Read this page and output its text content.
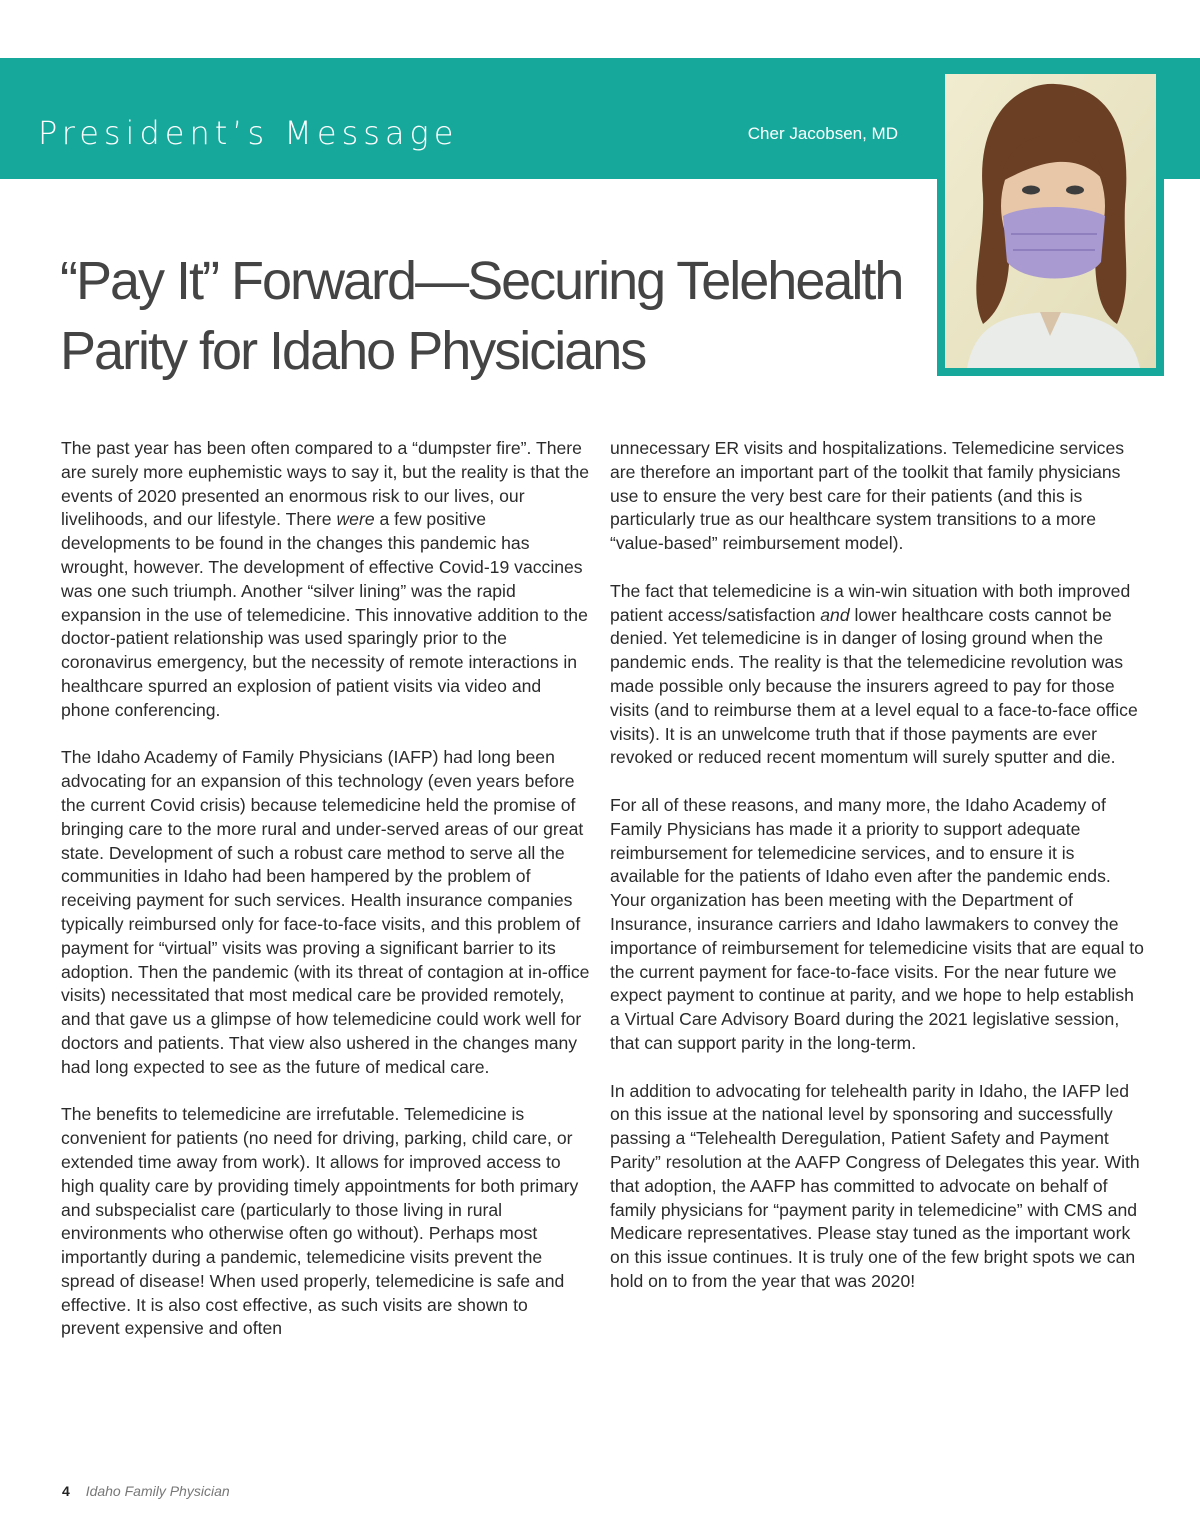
President’s Message	Cher Jacobsen, MD
“Pay It” Forward—Securing Telehealth
Parity for Idaho Physicians

The past year has been often compared to a “dumpster fire”. There are surely more euphemistic ways to say it, but the reality is that the events of 2020 presented an enormous risk to our lives, our livelihoods, and our lifestyle. There were a few positive developments to be found in the changes this pandemic has wrought, however. The development of effective Covid-19 vaccines was one such triumph. Another “silver lining” was the rapid expansion in the use of telemedicine. This innovative addition to the doctor-patient relationship was used sparingly prior to the coronavirus emergency, but the necessity of remote interactions in healthcare spurred an explosion of patient visits via video and phone conferencing.

The Idaho Academy of Family Physicians (IAFP) had long been advocating for an expansion of this technology (even years before the current Covid crisis) because telemedicine held the promise of bringing care to the more rural and under-served areas of our great state. Development of such a robust care method to serve all the communities in Idaho had been hampered by the problem of receiving payment for such services. Health insurance companies typically reimbursed only for face-to-face visits, and this problem of payment for “virtual” visits was proving a significant barrier to its adoption. Then the pandemic (with its threat of contagion at in-office visits) necessitated that most medical care be provided remotely, and that gave us a glimpse of how telemedicine could work well for doctors and patients. That view also ushered in the changes many had long expected to see as the future of medical care.

The benefits to telemedicine are irrefutable. Telemedicine is convenient for patients (no need for driving, parking, child care, or extended time away from work). It allows for improved access to high quality care by providing timely appointments for both primary and subspecialist care (particularly to those living in rural environments who otherwise often go without). Perhaps most importantly during a pandemic, telemedicine visits prevent the spread of disease! When used properly, telemedicine is safe and effective. It is also cost effective, as such visits are shown to prevent expensive and often

unnecessary ER visits and hospitalizations. Telemedicine services are therefore an important part of the toolkit that family physicians use to ensure the very best care for their patients (and this is particularly true as our healthcare system transitions to a more “value-based” reimbursement model).

The fact that telemedicine is a win-win situation with both improved patient access/satisfaction and lower healthcare costs cannot be denied. Yet telemedicine is in danger of losing ground when the pandemic ends. The reality is that the telemedicine revolution was made possible only because the insurers agreed to pay for those visits (and to reimburse them at a level equal to a face-to-face office visits). It is an unwelcome truth that if those payments are ever revoked or reduced recent momentum will surely sputter and die.

For all of these reasons, and many more, the Idaho Academy of Family Physicians has made it a priority to support adequate reimbursement for telemedicine services, and to ensure it is available for the patients of Idaho even after the pandemic ends. Your organization has been meeting with the Department of Insurance, insurance carriers and Idaho lawmakers to convey the importance of reimbursement for telemedicine visits that are equal to the current payment for face-to-face visits. For the near future we expect payment to continue at parity, and we hope to help establish a Virtual Care Advisory Board during the 2021 legislative session, that can support parity in the long-term.

In addition to advocating for telehealth parity in Idaho, the IAFP led on this issue at the national level by sponsoring and successfully passing a “Telehealth Deregulation, Patient Safety and Payment Parity” resolution at the AAFP Congress of Delegates this year. With that adoption, the AAFP has committed to advocate on behalf of family physicians for “payment parity in telemedicine” with CMS and Medicare representatives. Please stay tuned as the important work on this issue continues. It is truly one of the few bright spots we can hold on to from the year that was 2020!

4 Idaho Family Physician
